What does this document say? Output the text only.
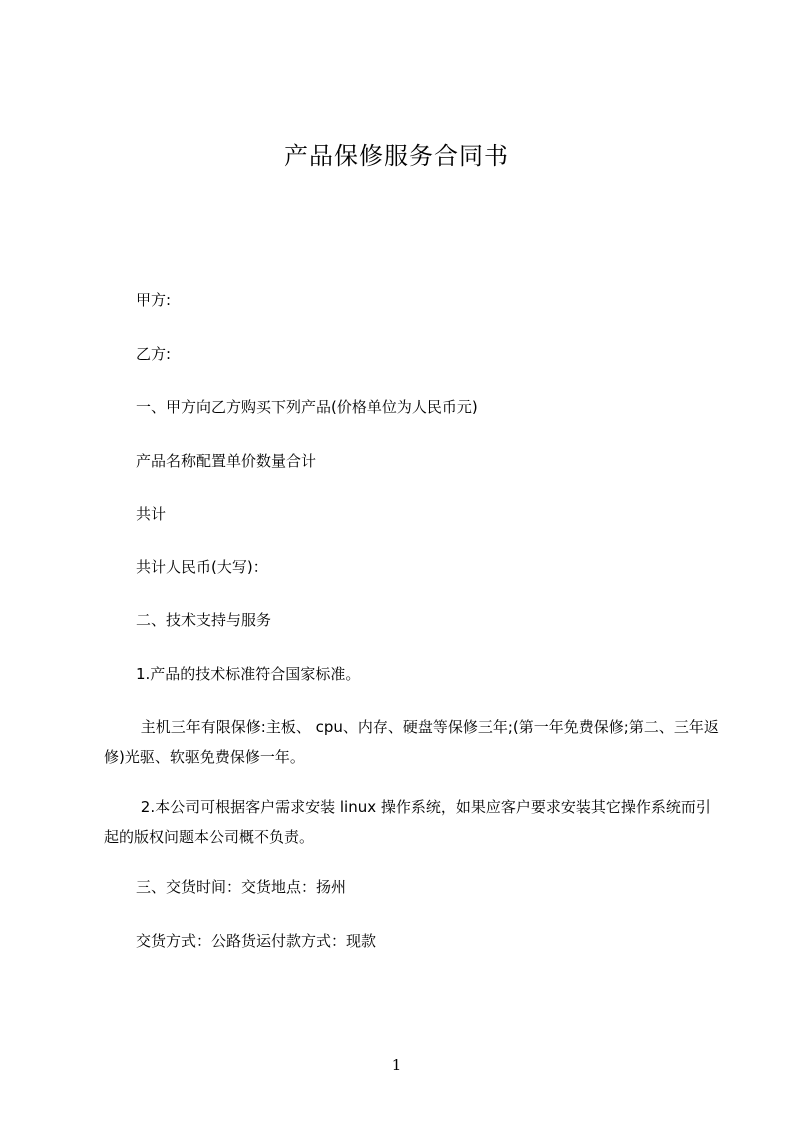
产品保修服务合同书
甲方:
乙方:
一、甲方向乙方购买下列产品(价格单位为人民币元)
产品名称配置单价数量合计
共计
共计人民币(大写)：
二、技术支持与服务
1.产品的技术标准符合国家标准。
主机三年有限保修:主板、 cpu、内存、硬盘等保修三年;(第一年免费保修;第二、三年返修)光驱、软驱免费保修一年。
2.本公司可根据客户需求安装 linux 操作系统，如果应客户要求安装其它操作系统而引起的版权问题本公司概不负责。
三、交货时间：交货地点：扬州
交货方式：公路货运付款方式：现款
1
